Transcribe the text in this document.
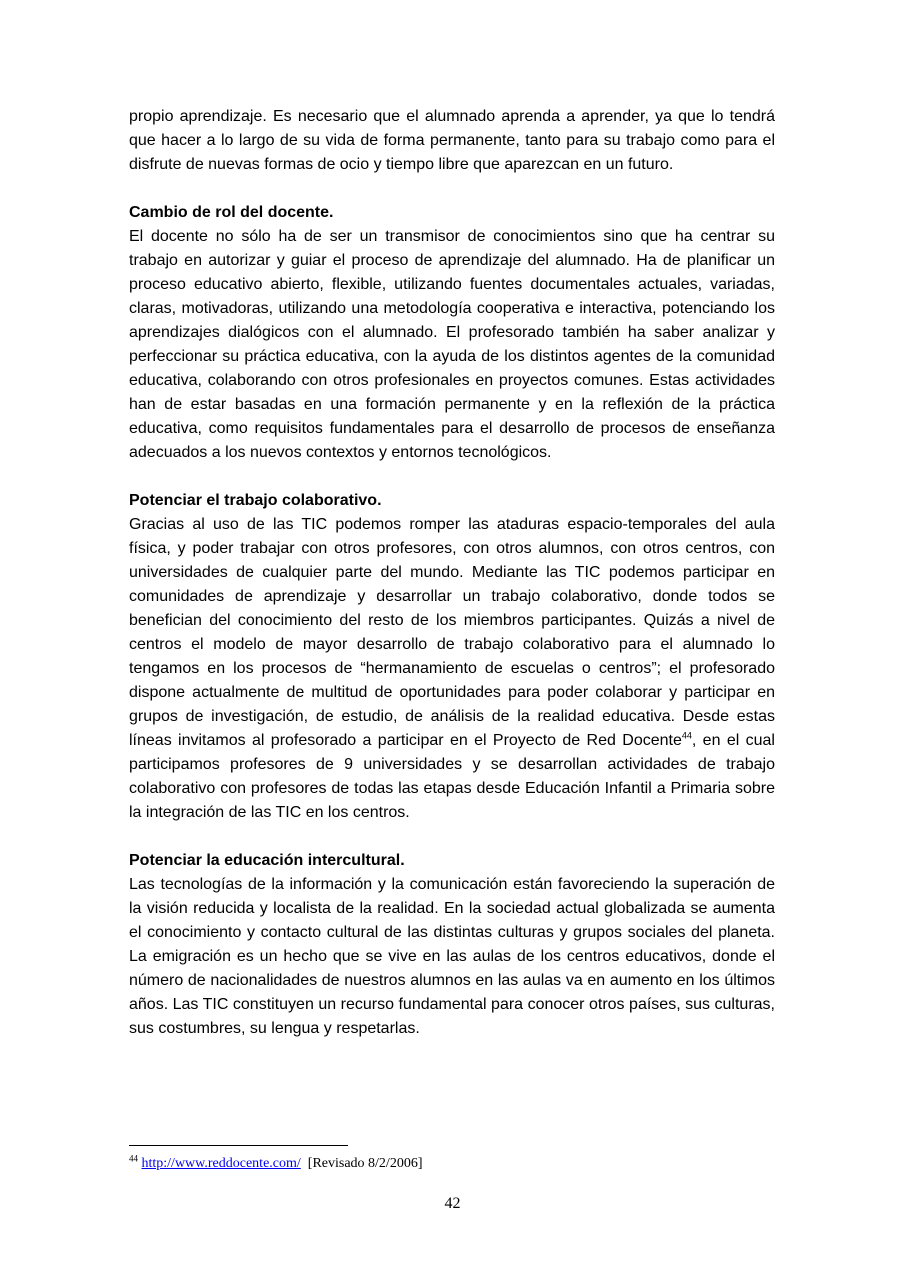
propio aprendizaje. Es necesario que el alumnado aprenda a aprender, ya que lo tendrá que hacer a lo largo de su vida de forma permanente, tanto para su trabajo como para el disfrute de nuevas formas de ocio y tiempo libre que aparezcan en un futuro.

Cambio de rol del docente.

El docente no sólo ha de ser un transmisor de conocimientos sino que ha centrar su trabajo en autorizar y guiar el proceso de aprendizaje del alumnado. Ha de planificar un proceso educativo abierto, flexible, utilizando fuentes documentales actuales, variadas, claras, motivadoras, utilizando una metodología cooperativa e interactiva, potenciando los aprendizajes dialógicos con el alumnado. El profesorado también ha saber analizar y perfeccionar su práctica educativa, con la ayuda de los distintos agentes de la comunidad educativa, colaborando con otros profesionales en proyectos comunes. Estas actividades han de estar basadas en una formación permanente y en la reflexión de la práctica educativa, como requisitos fundamentales para el desarrollo de procesos de enseñanza adecuados a los nuevos contextos y entornos tecnológicos.

Potenciar el trabajo colaborativo.

Gracias al uso de las TIC podemos romper las ataduras espacio-temporales del aula física, y poder trabajar con otros profesores, con otros alumnos, con otros centros, con universidades de cualquier parte del mundo. Mediante las TIC podemos participar en comunidades de aprendizaje y desarrollar un trabajo colaborativo, donde todos se benefician del conocimiento del resto de los miembros participantes. Quizás a nivel de centros el modelo de mayor desarrollo de trabajo colaborativo para el alumnado lo tengamos en los procesos de “hermanamiento de escuelas o centros”; el profesorado dispone actualmente de multitud de oportunidades para poder colaborar y participar en grupos de investigación, de estudio, de análisis de la realidad educativa. Desde estas líneas invitamos al profesorado a participar en el Proyecto de Red Docente$^{44}$, en el cual participamos profesores de 9 universidades y se desarrollan actividades de trabajo colaborativo con profesores de todas las etapas desde Educación Infantil a Primaria sobre la integración de las TIC en los centros.

Potenciar la educación intercultural.

Las tecnologías de la información y la comunicación están favoreciendo la superación de la visión reducida y localista de la realidad. En la sociedad actual globalizada se aumenta el conocimiento y contacto cultural de las distintas culturas y grupos sociales del planeta. La emigración es un hecho que se vive en las aulas de los centros educativos, donde el número de nacionalidades de nuestros alumnos en las aulas va en aumento en los últimos años. Las TIC constituyen un recurso fundamental para conocer otros países, sus culturas, sus costumbres, su lengua y respetarlas.

$^{44}$ http://www.reddocente.com/ [Revisado 8/2/2006]
42
